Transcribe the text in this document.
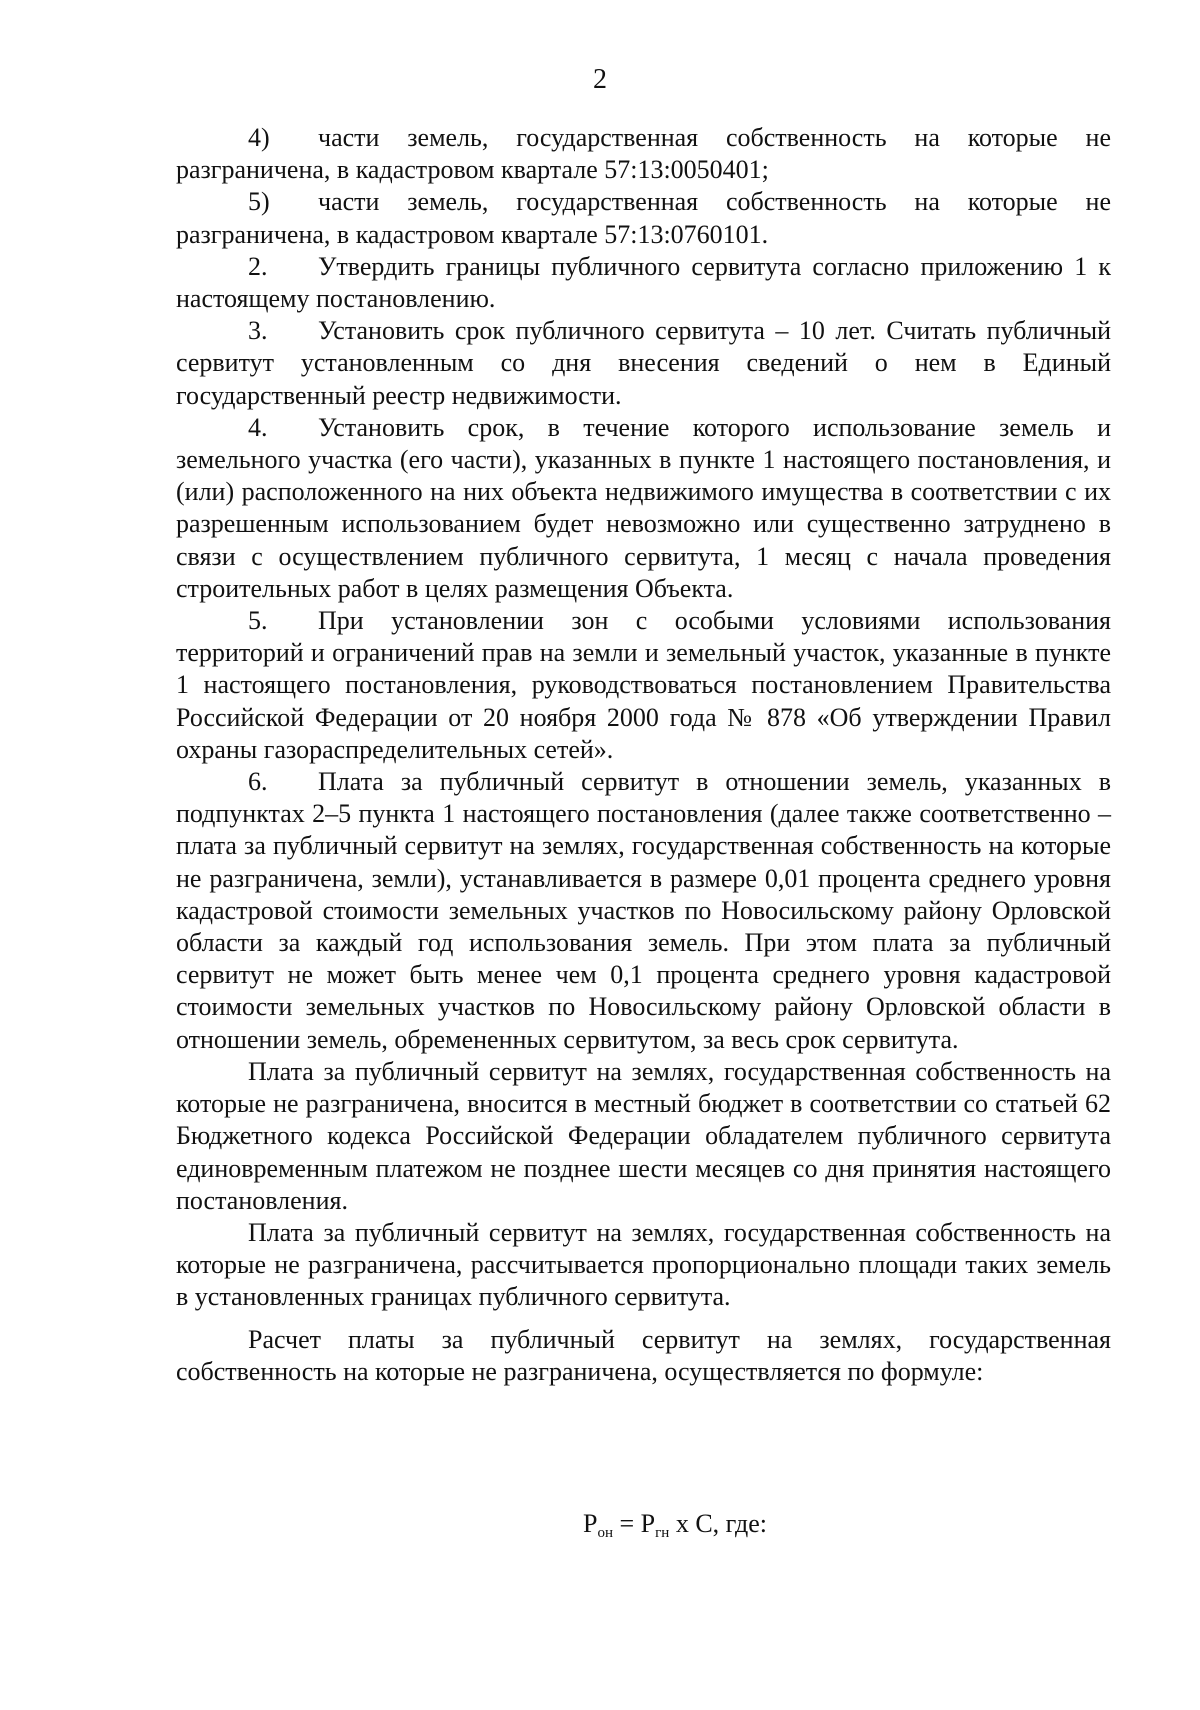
2

4) части земель, государственная собственность на которые не разграничена, в кадастровом квартале 57:13:0050401;

5) части земель, государственная собственность на которые не разграничена, в кадастровом квартале 57:13:0760101.

2. Утвердить границы публичного сервитута согласно приложению 1 к настоящему постановлению.

3. Установить срок публичного сервитута – 10 лет. Считать публичный сервитут установленным со дня внесения сведений о нем в Единый государственный реестр недвижимости.

4. Установить срок, в течение которого использование земель и земельного участка (его части), указанных в пункте 1 настоящего постановления, и (или) расположенного на них объекта недвижимого имущества в соответствии с их разрешенным использованием будет невозможно или существенно затруднено в связи с осуществлением публичного сервитута, 1 месяц с начала проведения строительных работ в целях размещения Объекта.

5. При установлении зон с особыми условиями использования территорий и ограничений прав на земли и земельный участок, указанные в пункте 1 настоящего постановления, руководствоваться постановлением Правительства Российской Федерации от 20 ноября 2000 года № 878 «Об утверждении Правил охраны газораспределительных сетей».

6. Плата за публичный сервитут в отношении земель, указанных в подпунктах 2–5 пункта 1 настоящего постановления (далее также соответственно – плата за публичный сервитут на землях, государственная собственность на которые не разграничена, земли), устанавливается в размере 0,01 процента среднего уровня кадастровой стоимости земельных участков по Новосильскому району Орловской области за каждый год использования земель. При этом плата за публичный сервитут не может быть менее чем 0,1 процента среднего уровня кадастровой стоимости земельных участков по Новосильскому району Орловской области в отношении земель, обремененных сервитутом, за весь срок сервитута.

Плата за публичный сервитут на землях, государственная собственность на которые не разграничена, вносится в местный бюджет в соответствии со статьей 62 Бюджетного кодекса Российской Федерации обладателем публичного сервитута единовременным платежом не позднее шести месяцев со дня принятия настоящего постановления.

Плата за публичный сервитут на землях, государственная собственность на которые не разграничена, рассчитывается пропорционально площади таких земель в установленных границах публичного сервитута.

Расчет платы за публичный сервитут на землях, государственная собственность на которые не разграничена, осуществляется по формуле:

$P_{он} = P_{гн}$ х С, где:
